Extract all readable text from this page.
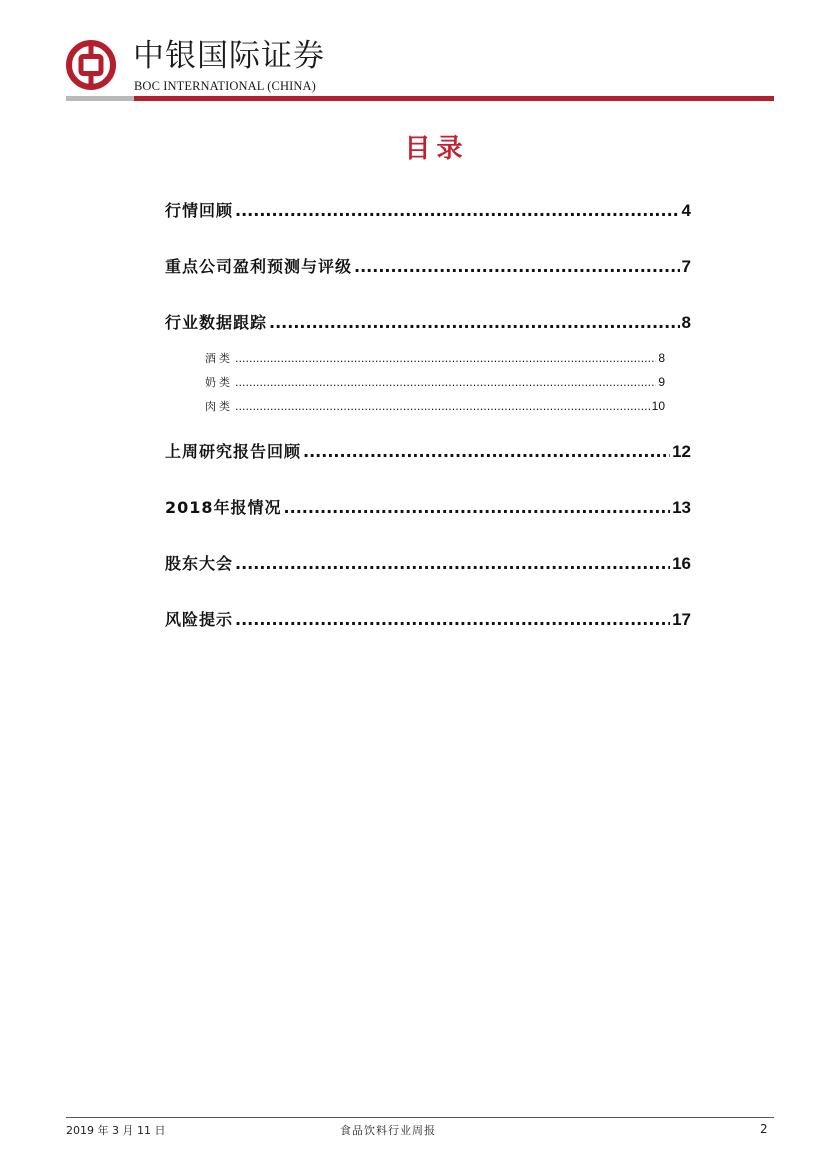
中银国际证券
BOC INTERNATIONAL (CHINA)
目录
行情回顾 .....	4
重点公司盈利预测与评级 .....	7
行业数据跟踪 .....	8
酒类 .....	8
奶类 .....	9
肉类 .....	10
上周研究报告回顾 .....	12
2018年报情况 .....	13
股东大会 .....	16
风险提示 .....	17
2019 年 3 月 11 日	食品饮料行业周报	2
